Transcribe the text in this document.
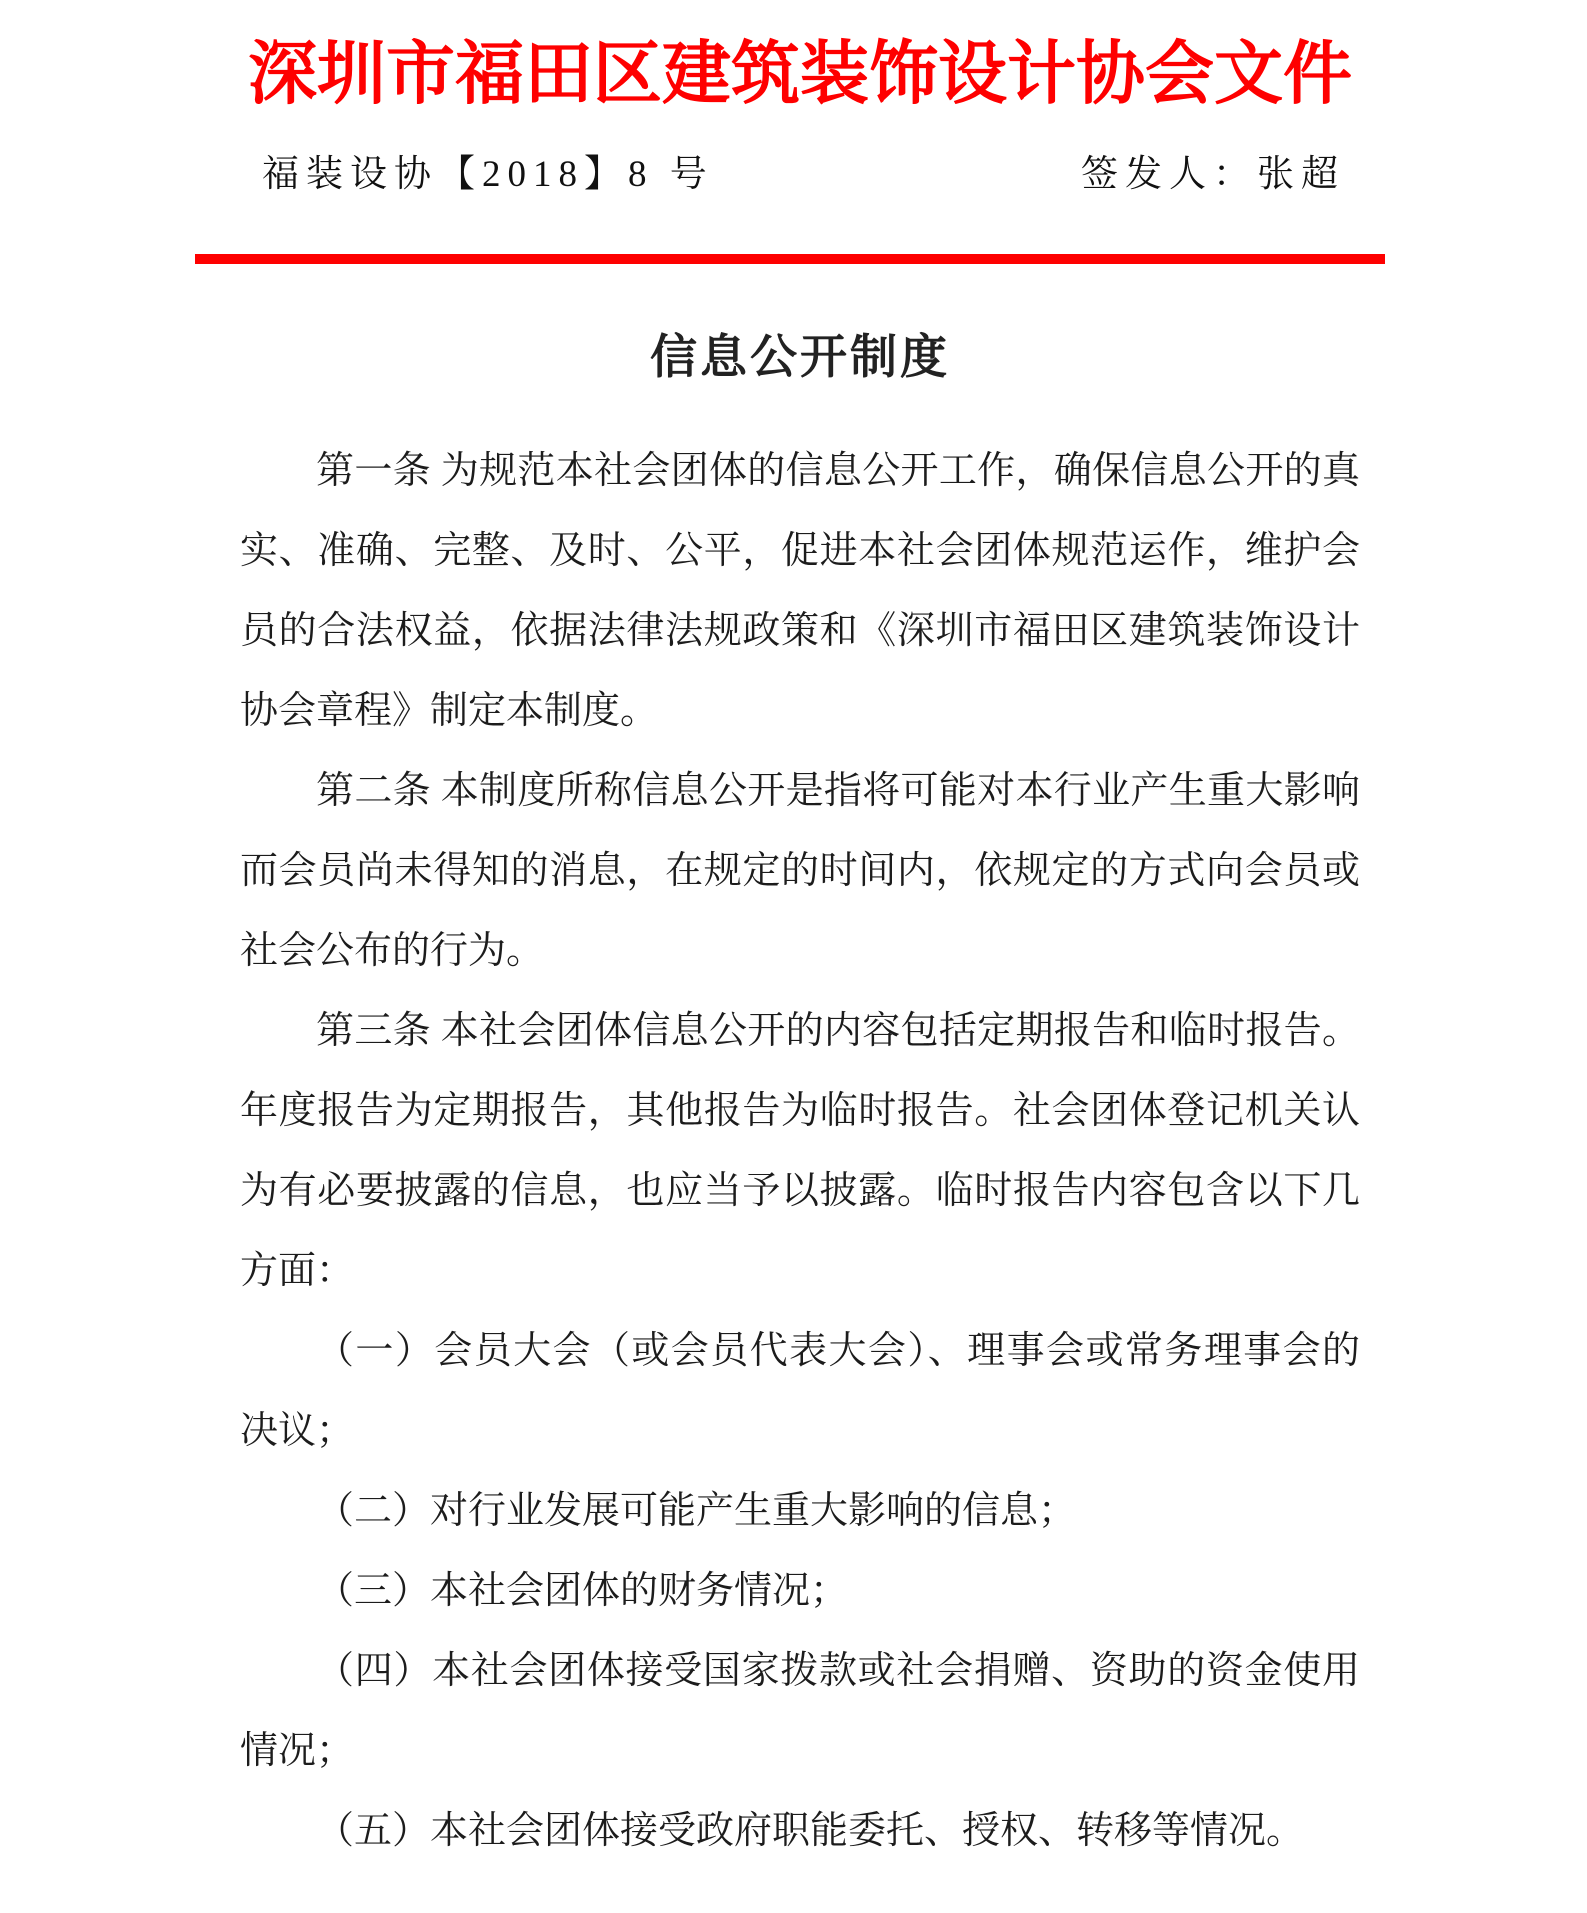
深圳市福田区建筑装饰设计协会文件
福装设协【2018】8 号	签发人：张超
信息公开制度

第一条 为规范本社会团体的信息公开工作，确保信息公开的真实、准确、完整、及时、公平，促进本社会团体规范运作，维护会员的合法权益，依据法律法规政策和《深圳市福田区建筑装饰设计协会章程》制定本制度。

第二条 本制度所称信息公开是指将可能对本行业产生重大影响而会员尚未得知的消息，在规定的时间内，依规定的方式向会员或社会公布的行为。

第三条 本社会团体信息公开的内容包括定期报告和临时报告。年度报告为定期报告，其他报告为临时报告。社会团体登记机关认为有必要披露的信息，也应当予以披露。临时报告内容包含以下几方面：

（一）会员大会（或会员代表大会）、理事会或常务理事会的决议；

（二）对行业发展可能产生重大影响的信息；

（三）本社会团体的财务情况；

（四）本社会团体接受国家拨款或社会捐赠、资助的资金使用情况；

（五）本社会团体接受政府职能委托、授权、转移等情况。
